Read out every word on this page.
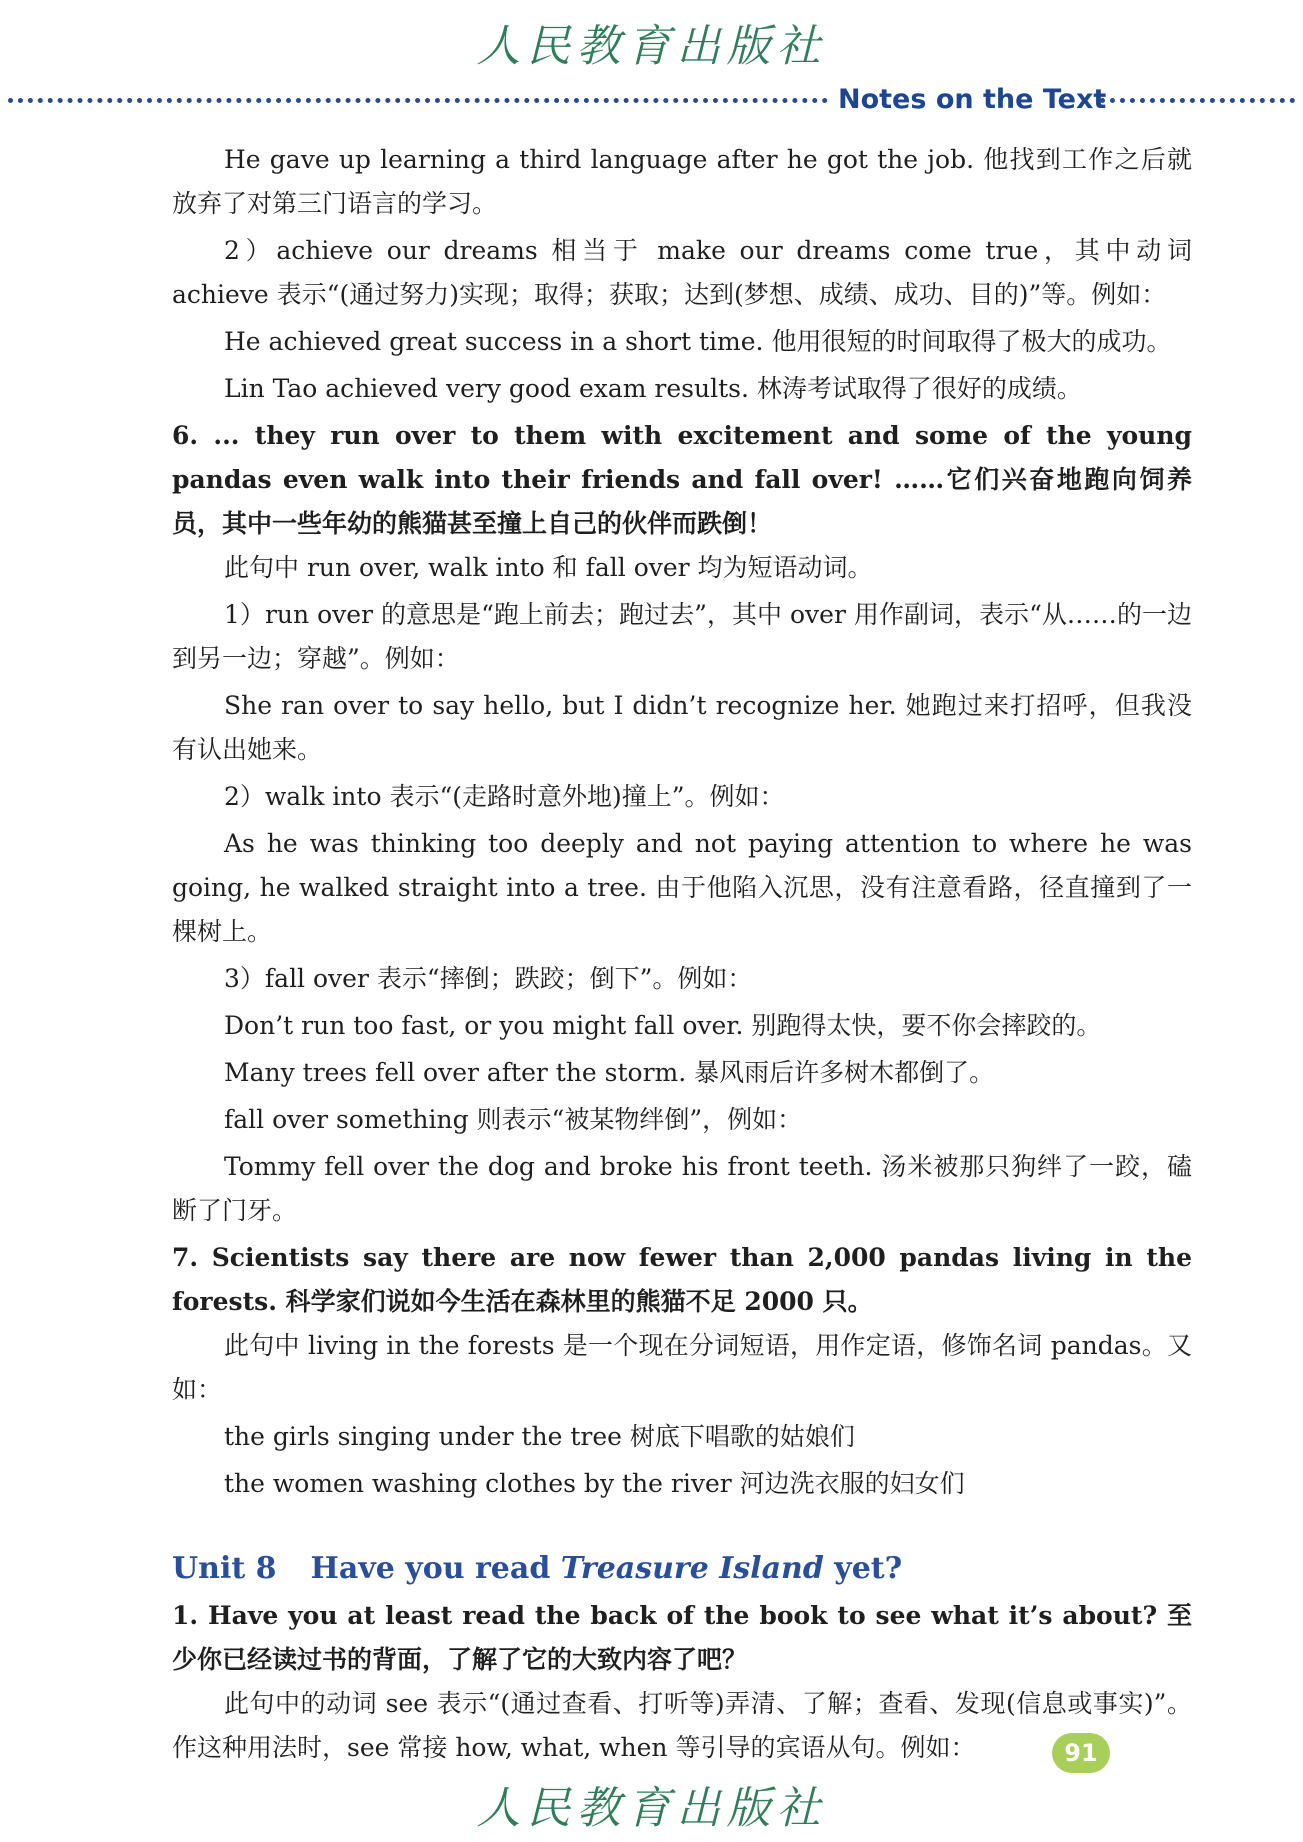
人民教育出版社
Notes on the Text

He gave up learning a third language after he got the job. 他找到工作之后就放弃了对第三门语言的学习。

2）achieve our dreams 相当于 make our dreams come true，其中动词 achieve 表示“(通过努力)实现；取得；获取；达到(梦想、成绩、成功、目的)”等。例如：

He achieved great success in a short time. 他用很短的时间取得了极大的成功。

Lin Tao achieved very good exam results. 林涛考试取得了很好的成绩。

6. ... they run over to them with excitement and some of the young pandas even walk into their friends and fall over! ……它们兴奋地跑向饲养员，其中一些年幼的熊猫甚至撞上自己的伙伴而跌倒！

此句中 run over, walk into 和 fall over 均为短语动词。

1）run over 的意思是“跑上前去；跑过去”，其中 over 用作副词，表示“从……的一边到另一边；穿越”。例如：

She ran over to say hello, but I didn’t recognize her. 她跑过来打招呼，但我没有认出她来。

2）walk into 表示“(走路时意外地)撞上”。例如：

As he was thinking too deeply and not paying attention to where he was going, he walked straight into a tree. 由于他陷入沉思，没有注意看路，径直撞到了一棵树上。

3）fall over 表示“摔倒；跌跤；倒下”。例如：

Don’t run too fast, or you might fall over. 别跑得太快，要不你会摔跤的。

Many trees fell over after the storm. 暴风雨后许多树木都倒了。

fall over something 则表示“被某物绊倒”，例如：

Tommy fell over the dog and broke his front teeth. 汤米被那只狗绊了一跤，磕断了门牙。

7. Scientists say there are now fewer than 2,000 pandas living in the forests. 科学家们说如今生活在森林里的熊猫不足 2000 只。

此句中 living in the forests 是一个现在分词短语，用作定语，修饰名词 pandas。又如：

the girls singing under the tree 树底下唱歌的姑娘们

the women washing clothes by the river 河边洗衣服的妇女们

Unit 8 Have you read Treasure Island yet?

1. Have you at least read the back of the book to see what it’s about? 至少你已经读过书的背面，了解了它的大致内容了吧？

此句中的动词 see 表示“(通过查看、打听等)弄清、了解；查看、发现(信息或事实)”。作这种用法时，see 常接 how, what, when 等引导的宾语从句。例如：	91
人民教育出版社
